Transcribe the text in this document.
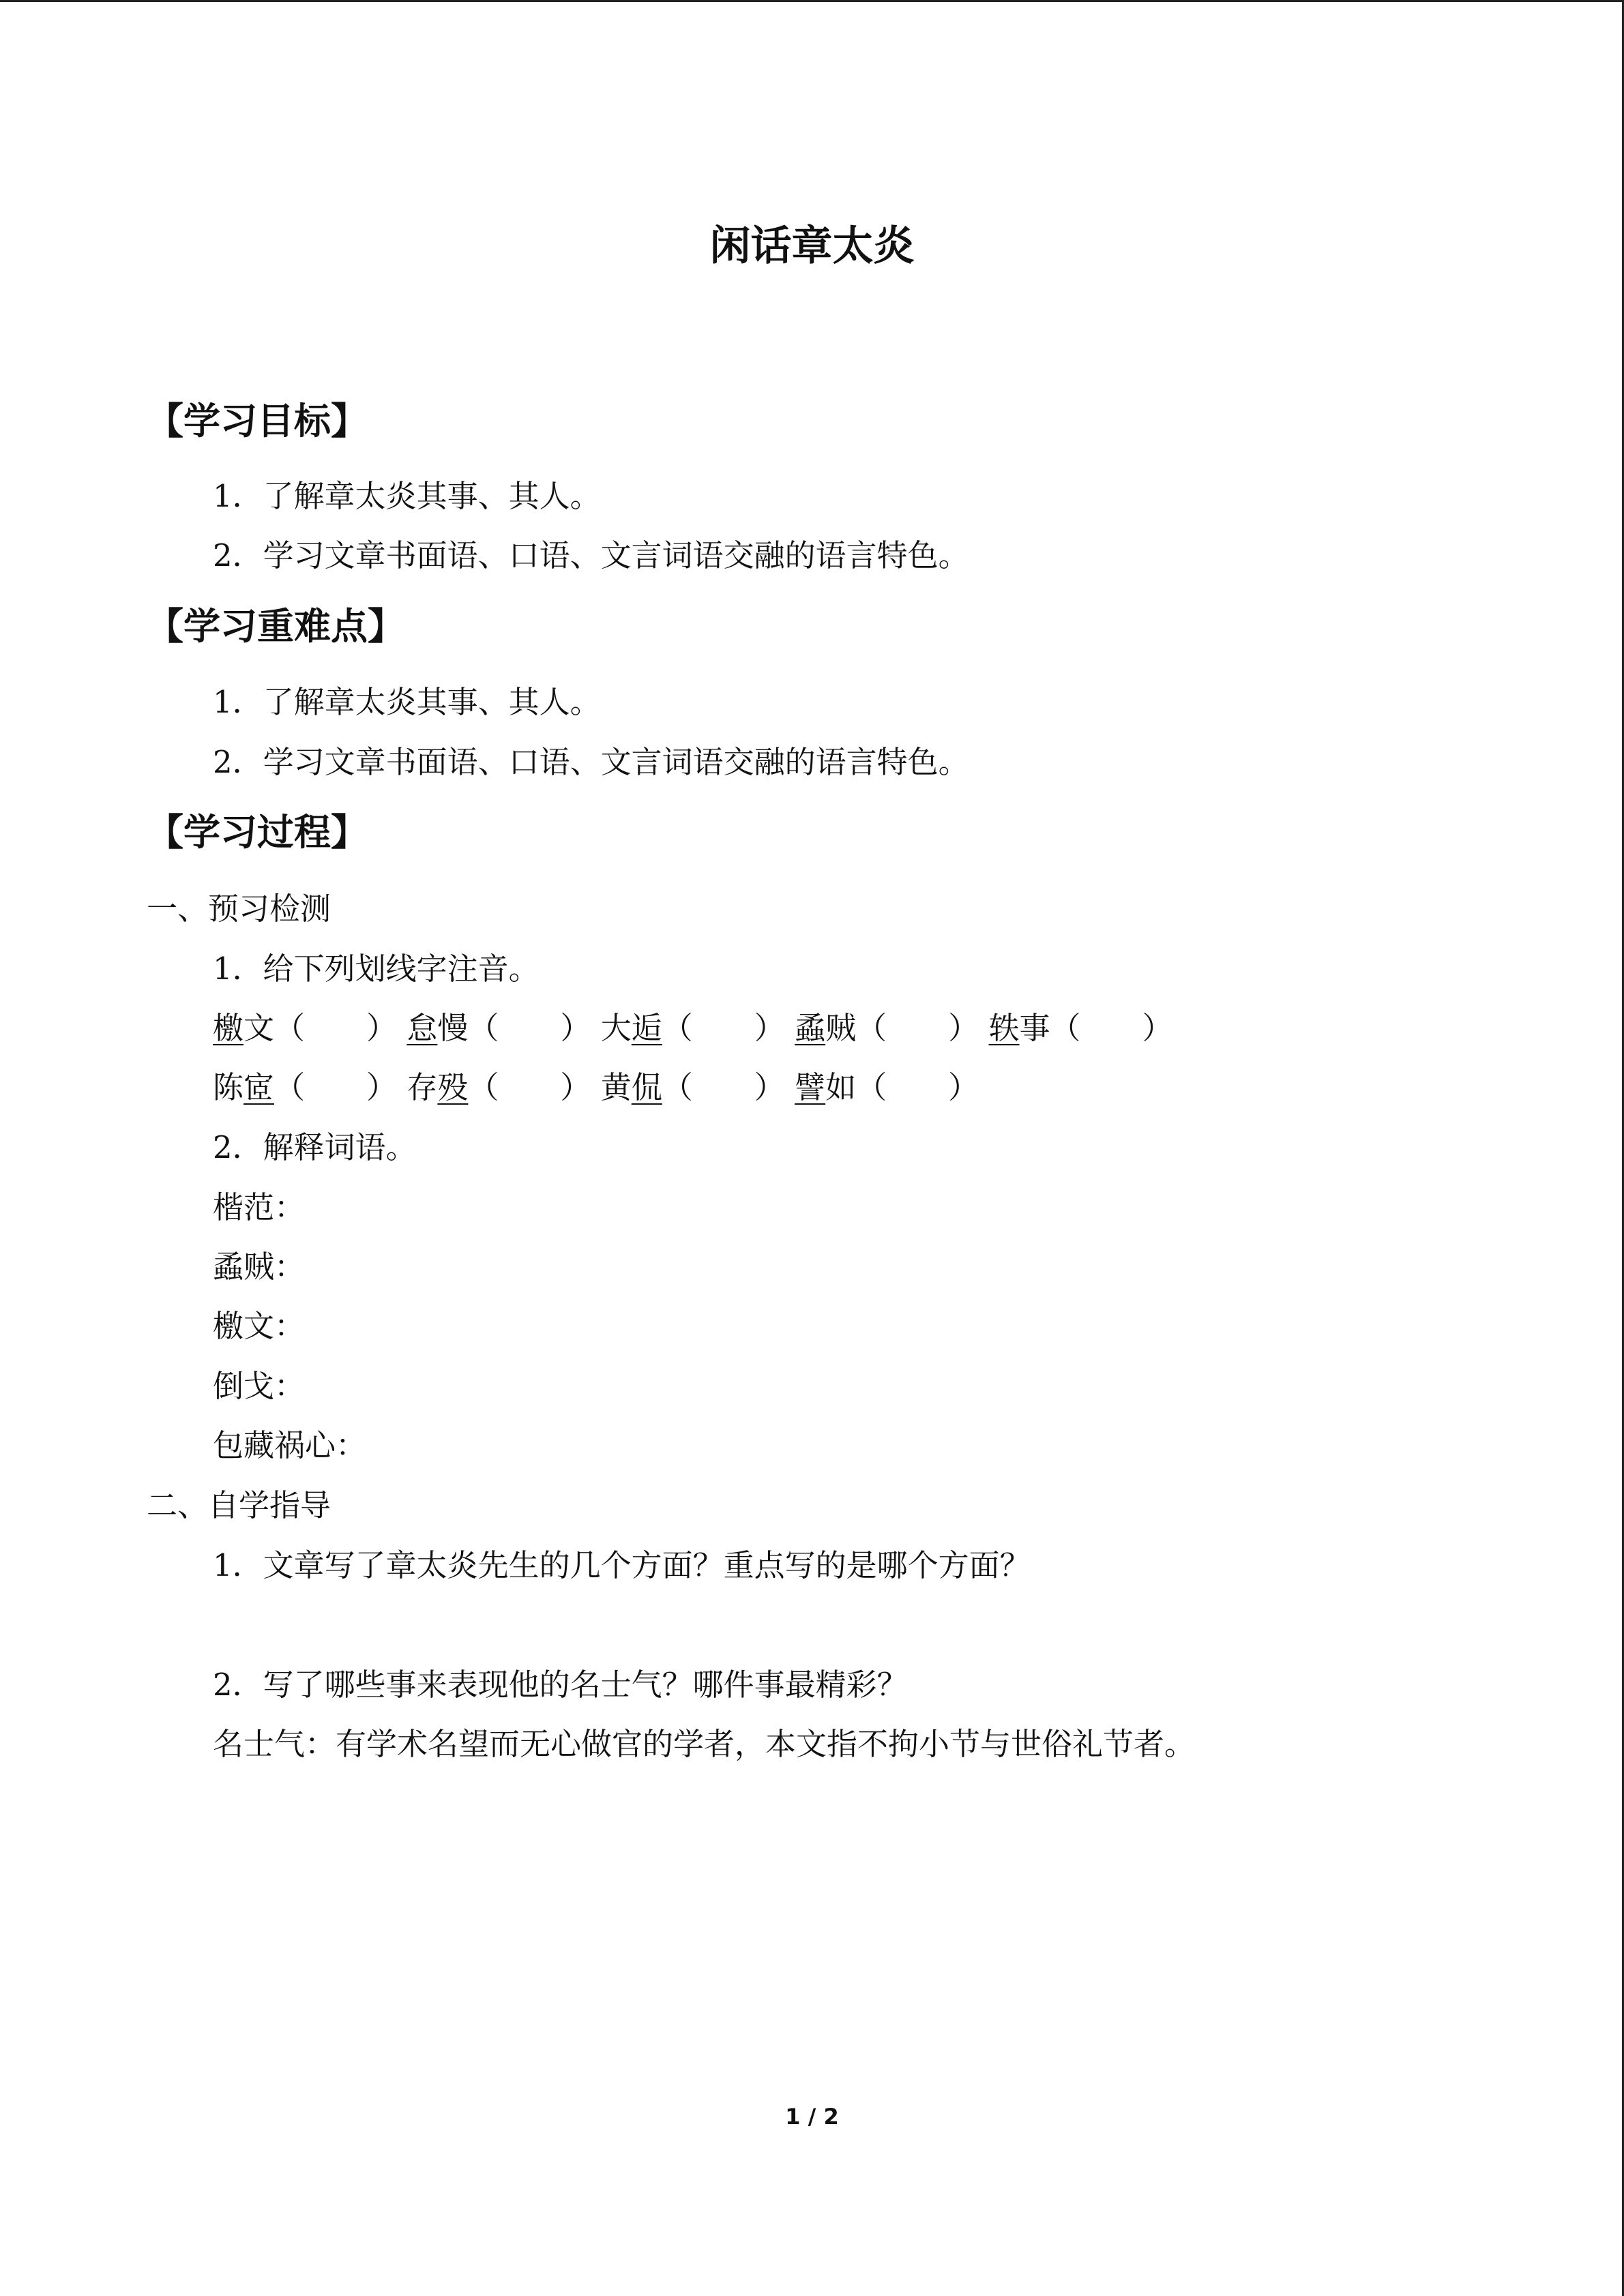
闲话章太炎
【学习目标】
1．了解章太炎其事、其人。
2．学习文章书面语、口语、文言词语交融的语言特色。
【学习重难点】
1．了解章太炎其事、其人。
2．学习文章书面语、口语、文言词语交融的语言特色。
【学习过程】
一、预习检测
1．给下列划线字注音。
檄文（ ） 怠慢（ ） 大逅（ ） 蟊贼（ ） 轶事（ ）
陈宧（ ） 存殁（ ） 黄侃（ ） 譬如（ ）
2．解释词语。
楷范：
蟊贼：
檄文：
倒戈：
包藏祸心：
二、自学指导
1．文章写了章太炎先生的几个方面？重点写的是哪个方面？
2．写了哪些事来表现他的名士气？哪件事最精彩？
名士气：有学术名望而无心做官的学者，本文指不拘小节与世俗礼节者。
1 / 2
